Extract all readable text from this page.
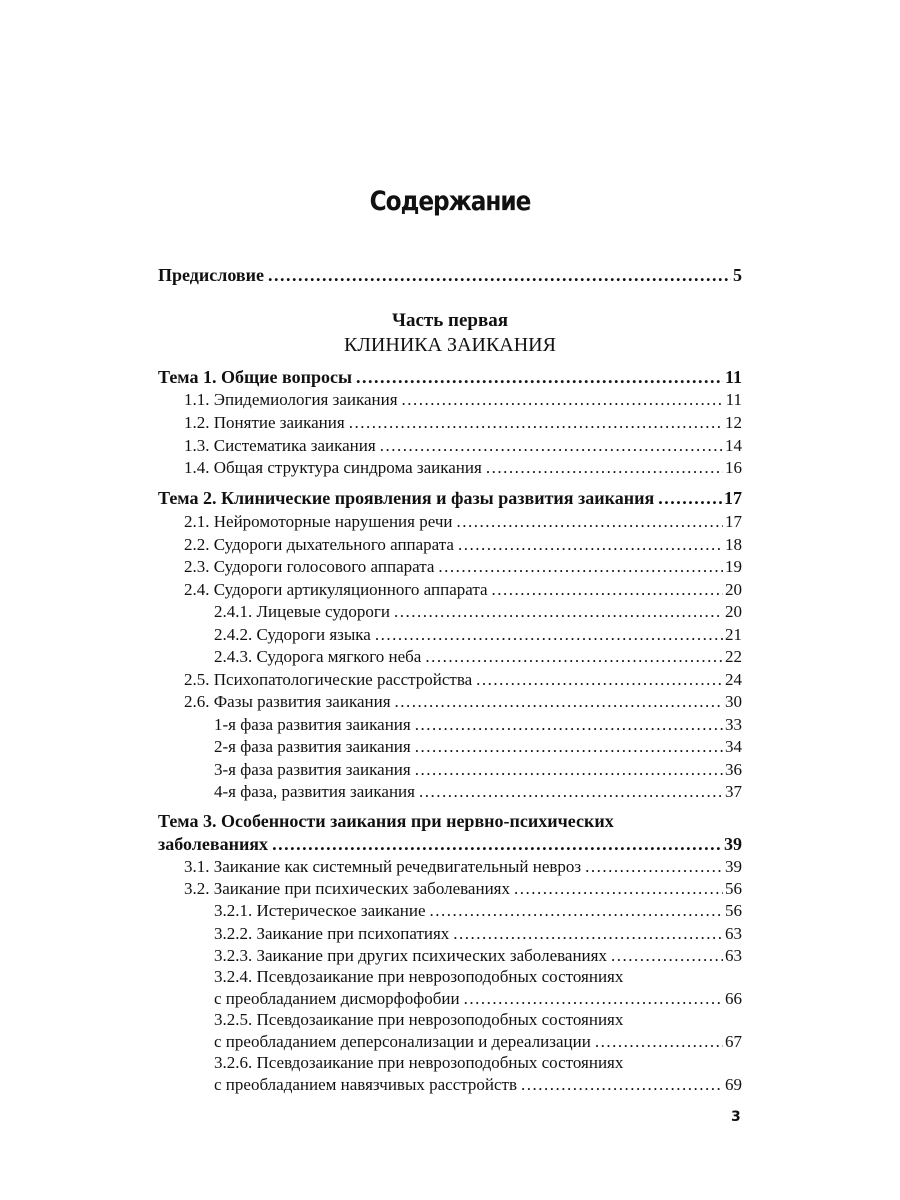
Содержание
Предисловие .....	5
Часть первая
КЛИНИКА ЗАИКАНИЯ
Тема 1. Общие вопросы .....	11
1.1. Эпидемиология заикания .....	11
1.2. Понятие заикания .....	12
1.3. Систематика заикания .....	14
1.4. Общая структура синдрома заикания .....	16
Тема 2. Клинические проявления и фазы развития заикания .....	17
2.1. Нейромоторные нарушения речи .....	17
2.2. Судороги дыхательного аппарата .....	18
2.3. Судороги голосового аппарата .....	19
2.4. Судороги артикуляционного аппарата .....	20
2.4.1. Лицевые судороги .....	20
2.4.2. Судороги языка .....	21
2.4.3. Судорога мягкого неба .....	22
2.5. Психопатологические расстройства .....	24
2.6. Фазы развития заикания .....	30
1-я фаза развития заикания .....	33
2-я фаза развития заикания .....	34
3-я фаза развития заикания .....	36
4-я фаза, развития заикания .....	37
Тема 3. Особенности заикания при нервно-психических
заболеваниях .....	39
3.1. Заикание как системный речедвигательный невроз .....	39
3.2. Заикание при психических заболеваниях .....	56
3.2.1. Истерическое заикание .....	56
3.2.2. Заикание при психопатиях .....	63
3.2.3. Заикание при других психических заболеваниях .....	63
3.2.4. Псевдозаикание при неврозоподобных состояниях
с преобладанием дисморфофобии .....	66
3.2.5. Псевдозаикание при неврозоподобных состояниях
с преобладанием деперсонализации и дереализации .....	67
3.2.6. Псевдозаикание при неврозоподобных состояниях
с преобладанием навязчивых расстройств .....	69
3
